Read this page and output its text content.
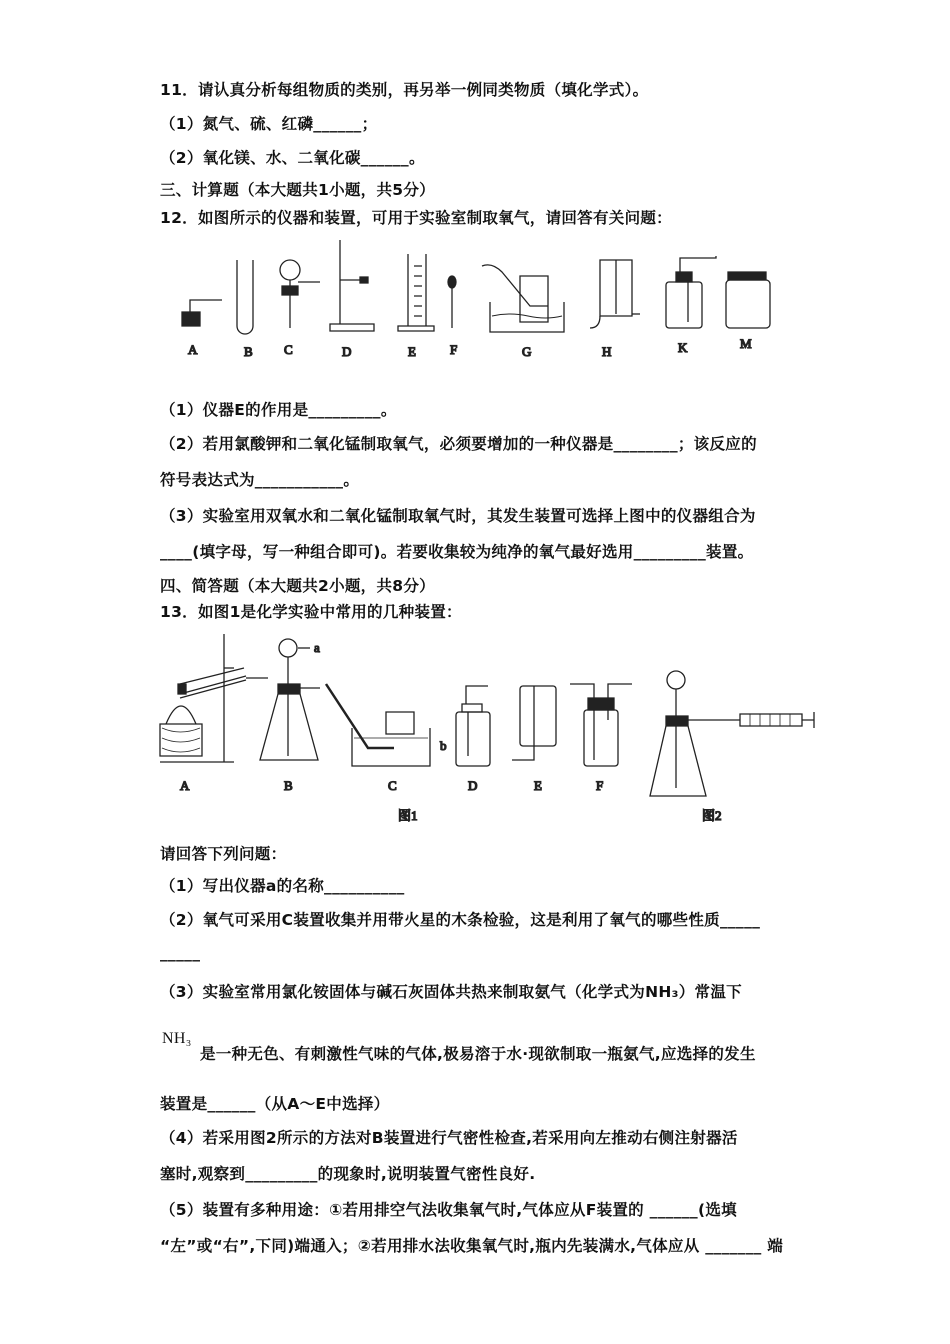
11．请认真分析每组物质的类别，再另举一例同类物质（填化学式）。
（1）氮气、硫、红磷______；
（2）氧化镁、水、二氧化碳______。
三、计算题（本大题共1小题，共5分）
12．如图所示的仪器和装置，可用于实验室制取氧气，请回答有关问题：
A	B C	D	E	F	G	H	K	M
（1）仪器E的作用是_________。
（2）若用氯酸钾和二氧化锰制取氧气，必须要增加的一种仪器是________；该反应的
符号表达式为___________。
（3）实验室用双氧水和二氧化锰制取氧气时，其发生装置可选择上图中的仪器组合为
____(填字母，写一种组合即可)。若要收集较为纯净的氧气最好选用_________装置。
四、简答题（本大题共2小题，共8分）
13．如图1是化学实验中常用的几种装置：
a
b
A	B	C	D	E	F
图1	图2
请回答下列问题：
（1）写出仪器a的名称__________
（2）氧气可采用C装置收集并用带火星的木条检验，这是利用了氧气的哪些性质_____
_____
（3）实验室常用氯化铵固体与碱石灰固体共热来制取氨气（化学式为NH₃）常温下
NH₃
是一种无色、有刺激性气味的气体,极易溶于水·现欲制取一瓶氨气,应选择的发生
装置是______（从A～E中选择）
（4）若采用图2所示的方法对B装置进行气密性检查,若采用向左推动右侧注射器活
塞时,观察到_________的现象时,说明装置气密性良好.
（5）装置有多种用途：①若用排空气法收集氧气时,气体应从F装置的 ______(选填
“左”或“右”,下同)端通入；②若用排水法收集氧气时,瓶内先装满水,气体应从 _______ 端
